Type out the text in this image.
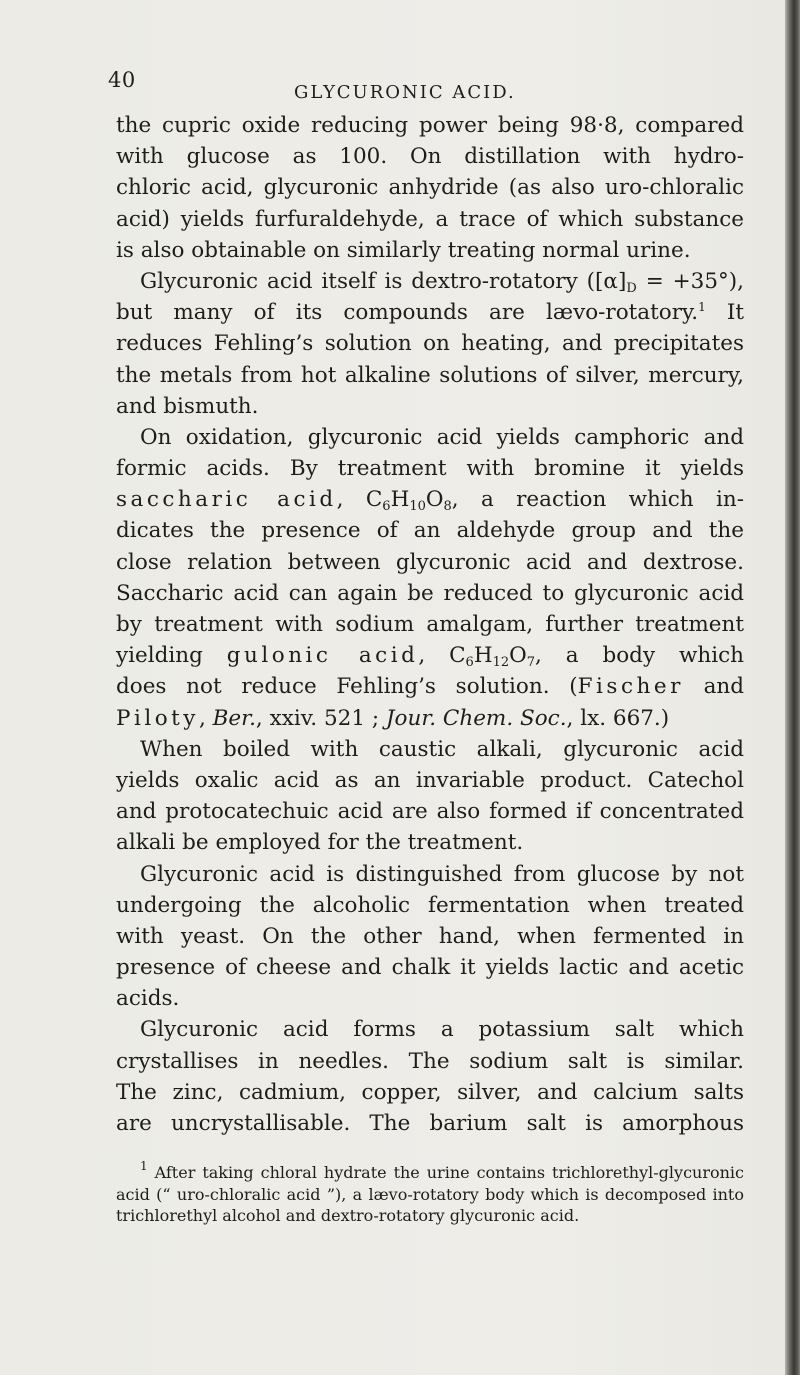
40
GLYCURONIC ACID.
the cupric oxide reducing power being 98·8, compared
with glucose as 100. On distillation with hydro-
chloric acid, glycuronic anhydride (as also uro-chloralic
acid) yields furfuraldehyde, a trace of which substance
is also obtainable on similarly treating normal urine.
Glycuronic acid itself is dextro-rotatory $([\alpha]_D = +35^\circ)$,
but many of its compounds are lævo-rotatory.$^1$ It
reduces Fehling’s solution on heating, and precipitates
the metals from hot alkaline solutions of silver, mercury,
and bismuth.
On oxidation, glycuronic acid yields camphoric and
formic acids. By treatment with bromine it yields
saccharic acid, $C_6H_{10}O_8$, a reaction which in-
dicates the presence of an aldehyde group and the
close relation between glycuronic acid and dextrose.
Saccharic acid can again be reduced to glycuronic acid
by treatment with sodium amalgam, further treatment
yielding gulonic acid, $C_6H_{12}O_7$, a body which
does not reduce Fehling’s solution. (Fischer and
Piloty, Ber., xxiv. 521 ; Jour. Chem. Soc., lx. 667.)
When boiled with caustic alkali, glycuronic acid
yields oxalic acid as an invariable product. Catechol
and protocatechuic acid are also formed if concentrated
alkali be employed for the treatment.
Glycuronic acid is distinguished from glucose by not
undergoing the alcoholic fermentation when treated
with yeast. On the other hand, when fermented in
presence of cheese and chalk it yields lactic and acetic
acids.
Glycuronic acid forms a potassium salt which
crystallises in needles. The sodium salt is similar.
The zinc, cadmium, copper, silver, and calcium salts
are uncrystallisable. The barium salt is amorphous
$^1$ After taking chloral hydrate the urine contains trichlorethyl-glycuronic
acid (“ uro-chloralic acid ”), a lævo-rotatory body which is decomposed into
trichlorethyl alcohol and dextro-rotatory glycuronic acid.
